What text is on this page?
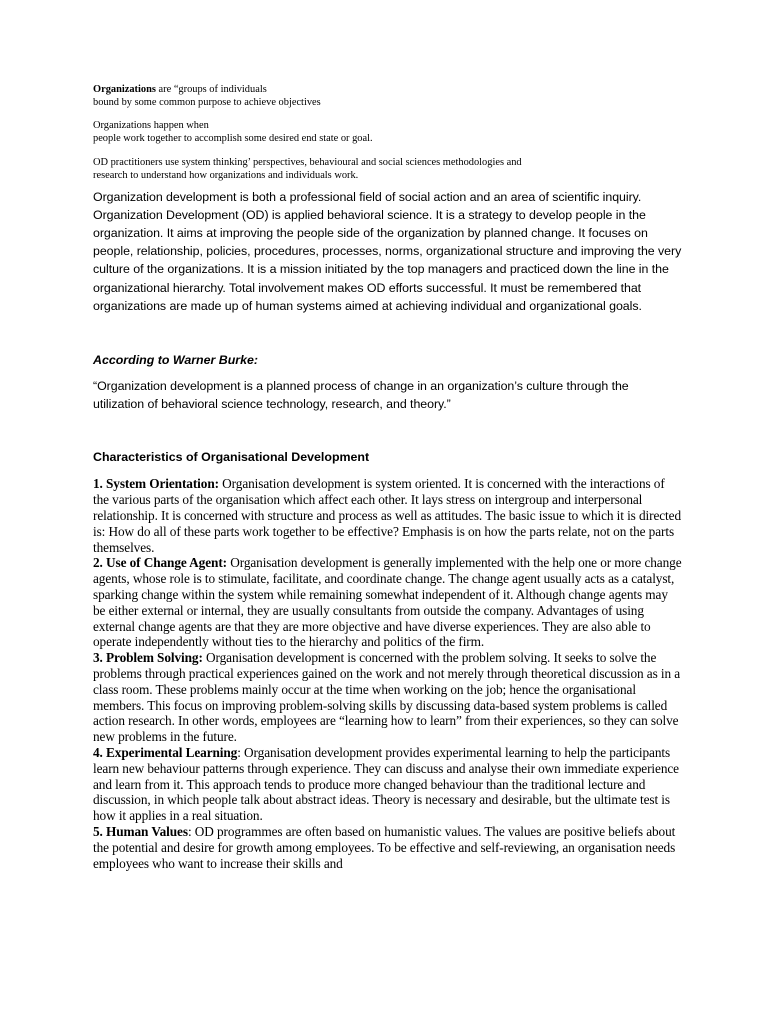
Organizations are “groups of individuals

bound by some common purpose to achieve objectives

Organizations happen when

people work together to accomplish some desired end state or goal.

OD practitioners use system thinking’ perspectives, behavioural and social sciences methodologies and

research to understand how organizations and individuals work.

Organization development is both a professional field of social action and an area of scientific inquiry. Organization Development (OD) is applied behavioral science. It is a strategy to develop people in the organization. It aims at improving the people side of the organization by planned change. It focuses on people, relationship, policies, procedures, processes, norms, organizational structure and improving the very culture of the organizations. It is a mission initiated by the top managers and practiced down the line in the organizational hierarchy. Total involvement makes OD efforts successful. It must be remembered that organizations are made up of human systems aimed at achieving individual and organizational goals.

According to Warner Burke:

“Organization development is a planned process of change in an organization’s culture through the utilization of behavioral science technology, research, and theory.”

Characteristics of Organisational Development

1. System Orientation: Organisation development is system oriented. It is concerned with the interactions of the various parts of the organisation which affect each other. It lays stress on intergroup and interpersonal relationship. It is concerned with structure and process as well as attitudes. The basic issue to which it is directed is: How do all of these parts work together to be effective? Emphasis is on how the parts relate, not on the parts themselves.

2. Use of Change Agent: Organisation development is generally implemented with the help one or more change agents, whose role is to stimulate, facilitate, and coordinate change. The change agent usually acts as a catalyst, sparking change within the system while remaining somewhat independent of it. Although change agents may be either external or internal, they are usually consultants from outside the company. Advantages of using external change agents are that they are more objective and have diverse experiences. They are also able to operate independently without ties to the hierarchy and politics of the firm.

3. Problem Solving: Organisation development is concerned with the problem solving. It seeks to solve the problems through practical experiences gained on the work and not merely through theoretical discussion as in a class room. These problems mainly occur at the time when working on the job; hence the organisational members. This focus on improving problem-solving skills by discussing data-based system problems is called action research. In other words, employees are “learning how to learn” from their experiences, so they can solve new problems in the future.

4. Experimental Learning: Organisation development provides experimental learning to help the participants learn new behaviour patterns through experience. They can discuss and analyse their own immediate experience and learn from it. This approach tends to produce more changed behaviour than the traditional lecture and discussion, in which people talk about abstract ideas. Theory is necessary and desirable, but the ultimate test is how it applies in a real situation.

5. Human Values: OD programmes are often based on humanistic values. The values are positive beliefs about the potential and desire for growth among employees. To be effective and self-reviewing, an organisation needs employees who want to increase their skills and
